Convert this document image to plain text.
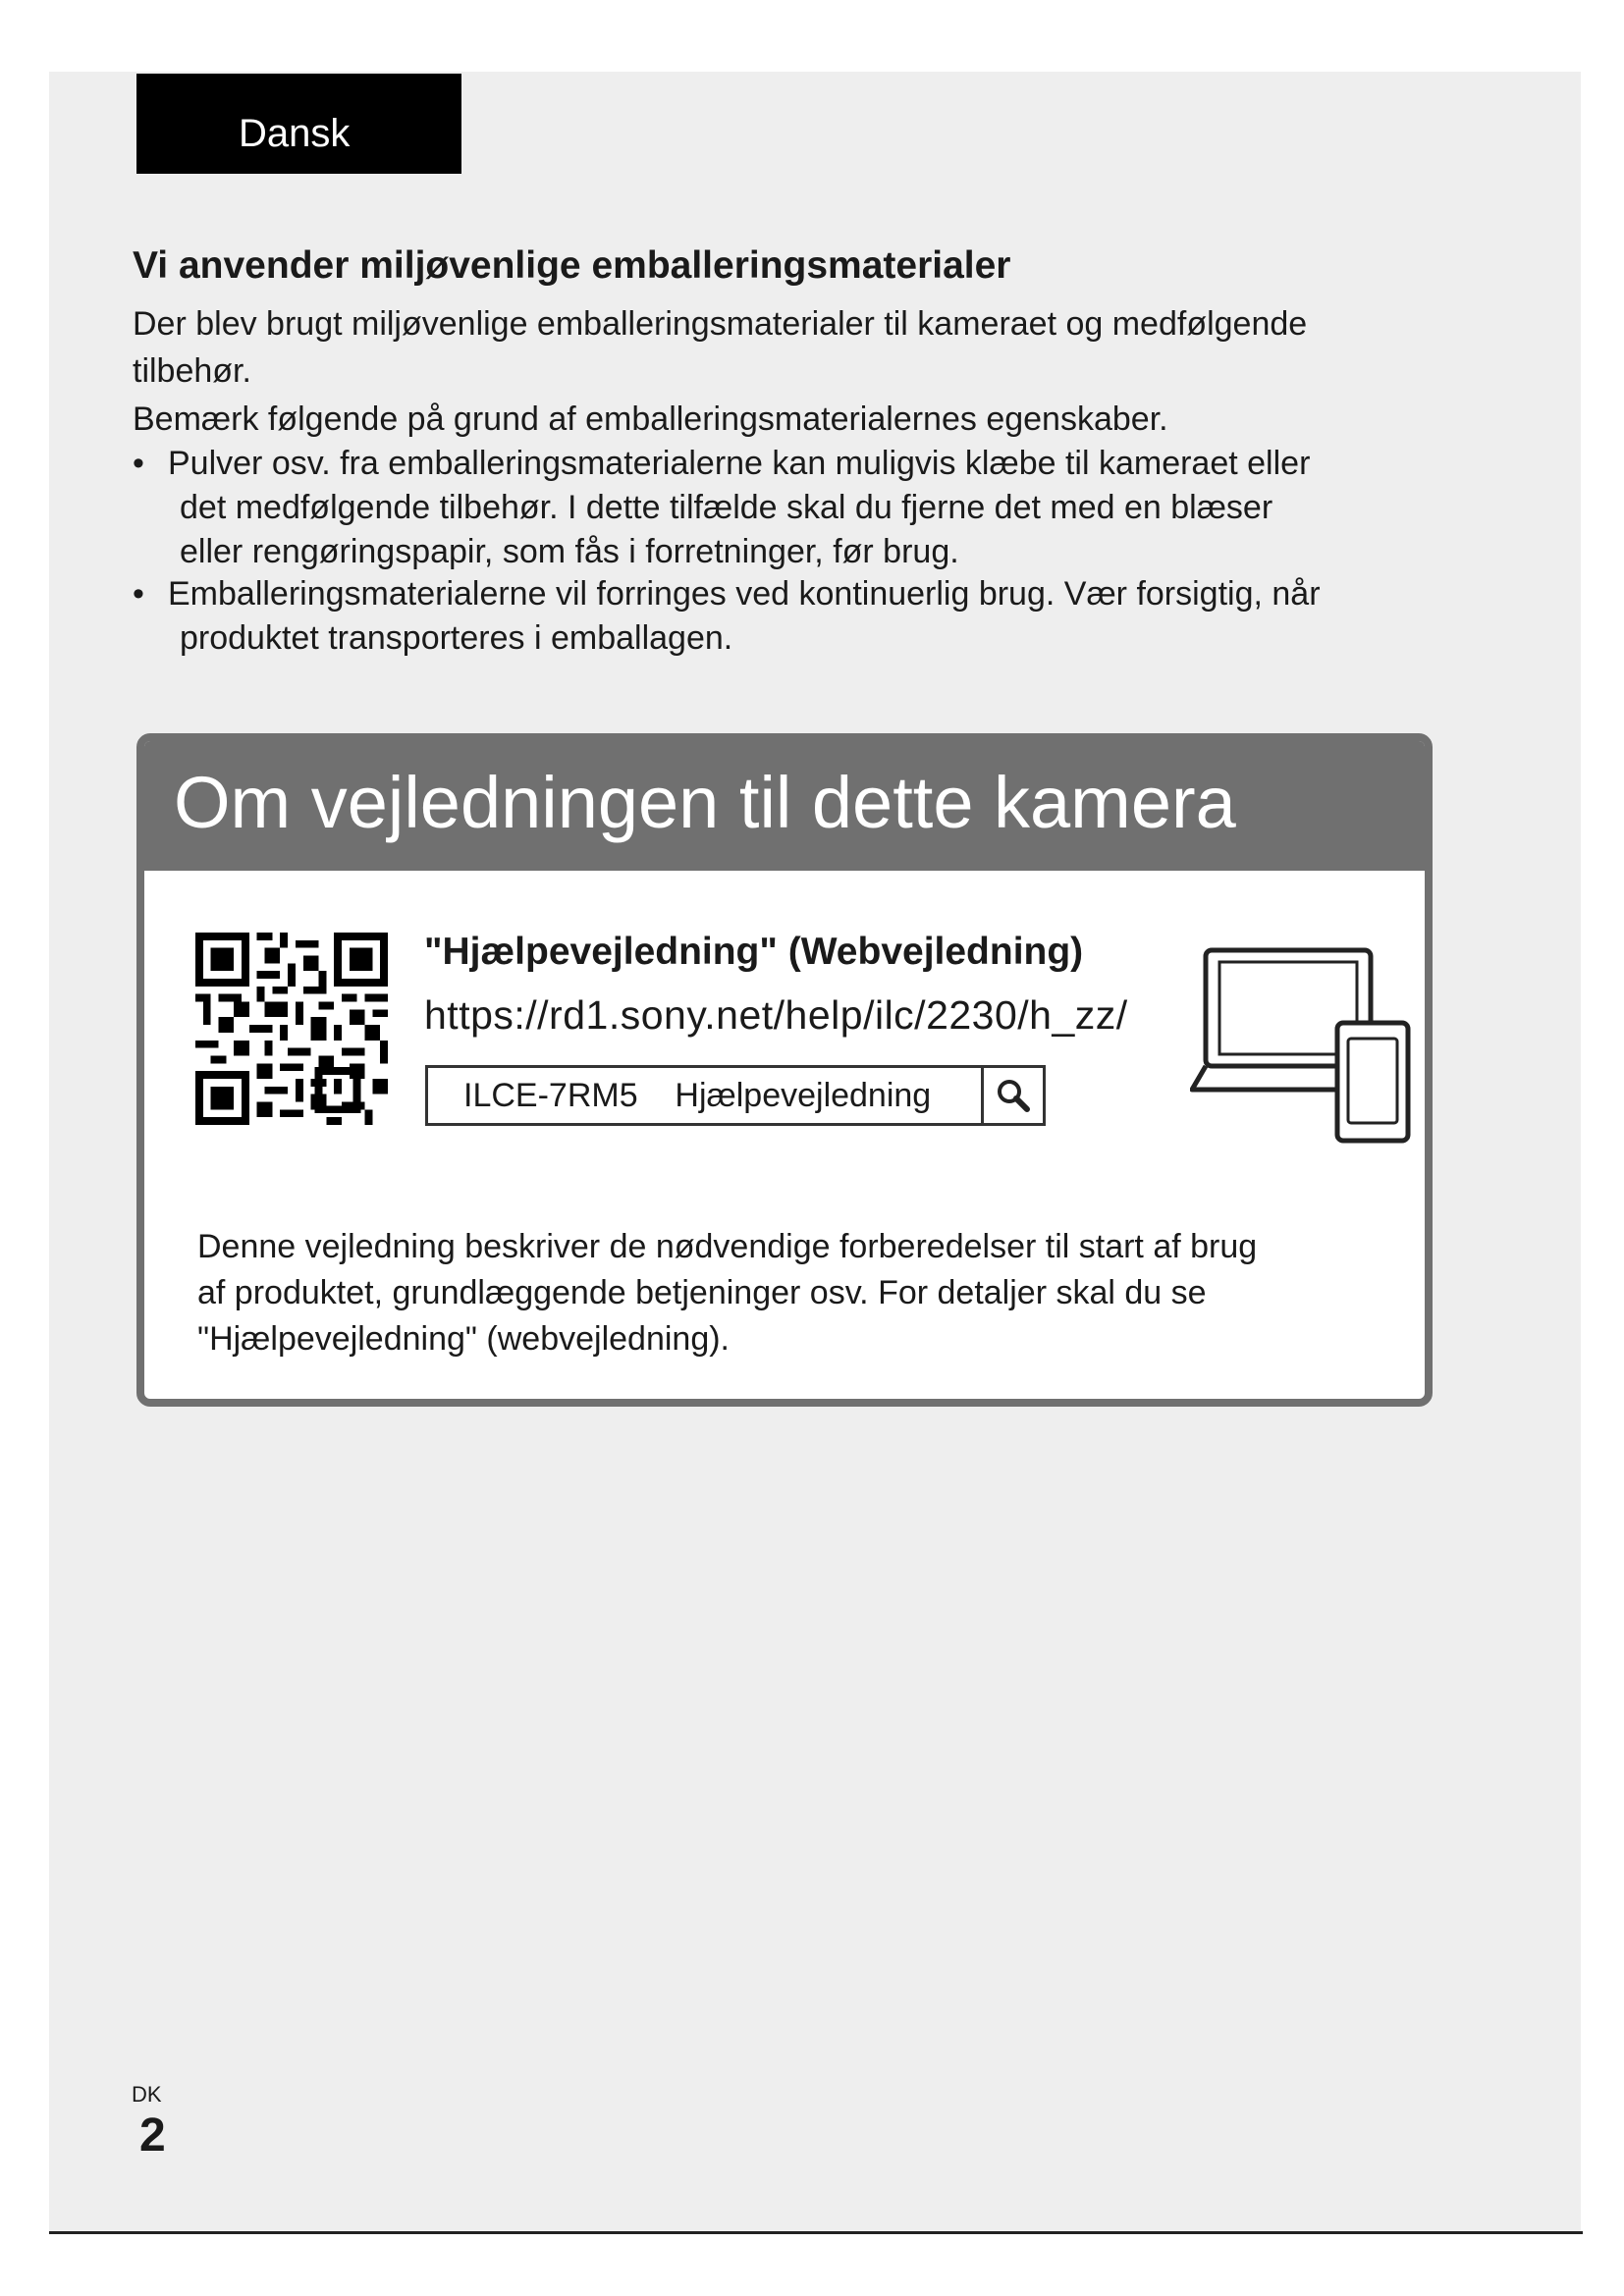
Dansk
Vi anvender miljøvenlige emballeringsmaterialer

Der blev brugt miljøvenlige emballeringsmaterialer til kameraet og medfølgende
tilbehør.

Bemærk følgende på grund af emballeringsmaterialernes egenskaber.

• Pulver osv. fra emballeringsmaterialerne kan muligvis klæbe til kameraet eller
det medfølgende tilbehør. I dette tilfælde skal du fjerne det med en blæser
eller rengøringspapir, som fås i forretninger, før brug.
• Emballeringsmaterialerne vil forringes ved kontinuerlig brug. Vær forsigtig, når
produktet transporteres i emballagen.
Om vejledningen til dette kamera

"Hjælpevejledning" (Webvejledning)

https://rd1.sony.net/help/ilc/2230/h_zz/

ILCE-7RM5    Hjælpevejledning

Denne vejledning beskriver de nødvendige forberedelser til start af brug
af produktet, grundlæggende betjeninger osv. For detaljer skal du se
"Hjælpevejledning" (webvejledning).

DK

2
